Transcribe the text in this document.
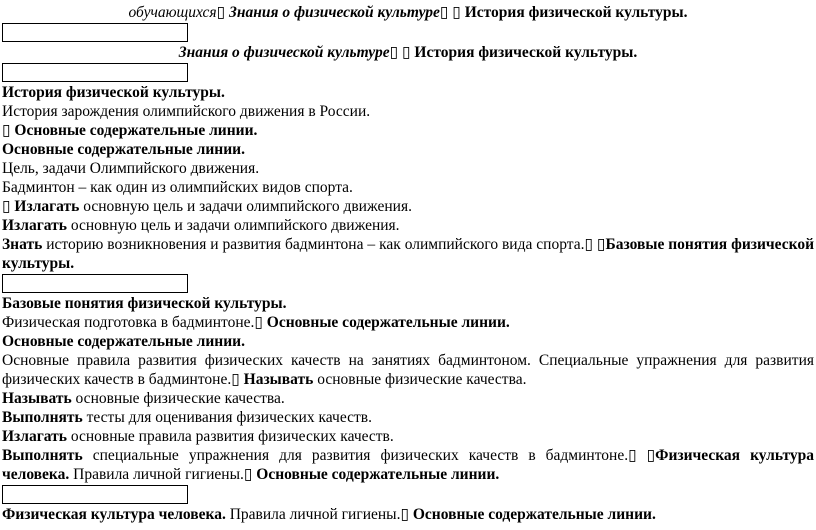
обучающихся▯ Знания о физической культуре▯ ▯ История физической культуры.

Знания о физической культуре▯ ▯ История физической культуры.

История физической культуры.

История зарождения олимпийского движения в России.

▯ Основные содержательные линии.

Основные содержательные линии.

Цель, задачи Олимпийского движения.

Бадминтон – как один из олимпийских видов спорта.

▯ Излагать основную цель и задачи олимпийского движения.

Излагать основную цель и задачи олимпийского движения.

Знать историю возникновения и развития бадминтона – как олимпийского вида спорта.▯ ▯Базовые понятия физической культуры.

Базовые понятия физической культуры.

Физическая подготовка в бадминтоне.▯ Основные содержательные линии.

Основные содержательные линии.

Основные правила развития физических качеств на занятиях бадминтоном. Специальные упражнения для развития физических качеств в бадминтоне.▯ Называть основные физические качества.

Называть основные физические качества.

Выполнять тесты для оценивания физических качеств.

Излагать основные правила развития физических качеств.

Выполнять специальные упражнения для развития физических качеств в бадминтоне.▯ ▯Физическая культура человека. Правила личной гигиены.▯ Основные содержательные линии.

Физическая культура человека. Правила личной гигиены.▯ Основные содержательные линии.
